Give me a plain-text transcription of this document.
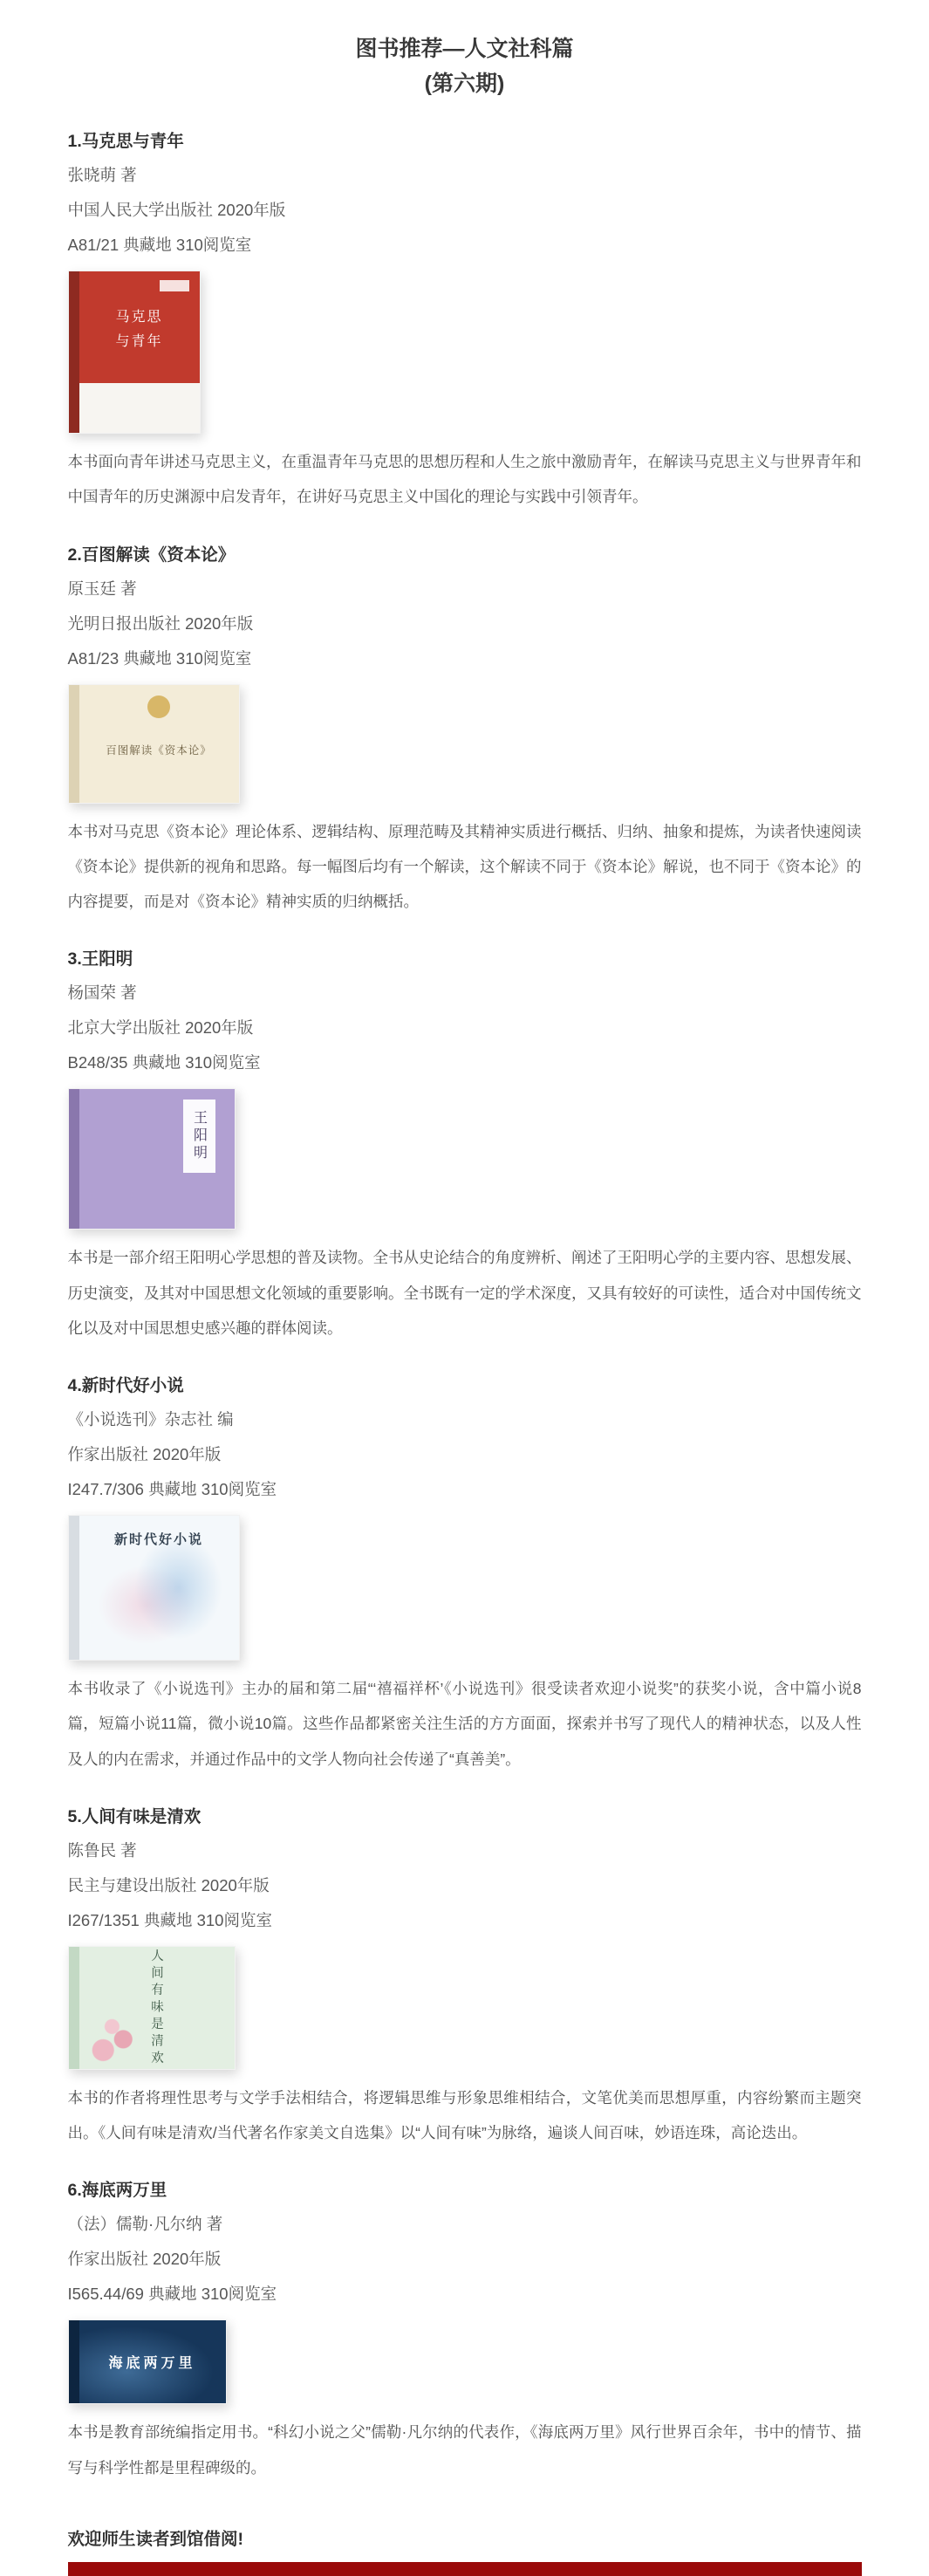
图书推荐—人文社科篇
(第六期)
1.马克思与青年

张晓萌 著

中国人民大学出版社 2020年版

A81/21 典藏地 310阅览室

马克思与青年

本书面向青年讲述马克思主义，在重温青年马克思的思想历程和人生之旅中激励青年，在解读马克思主义与世界青年和中国青年的历史渊源中启发青年，在讲好马克思主义中国化的理论与实践中引领青年。

2.百图解读《资本论》

原玉廷 著

光明日报出版社 2020年版

A81/23 典藏地 310阅览室

百图解读《资本论》

本书对马克思《资本论》理论体系、逻辑结构、原理范畴及其精神实质进行概括、归纳、抽象和提炼，为读者快速阅读《资本论》提供新的视角和思路。每一幅图后均有一个解读，这个解读不同于《资本论》解说，也不同于《资本论》的内容提要，而是对《资本论》精神实质的归纳概括。

3.王阳明

杨国荣 著

北京大学出版社 2020年版

B248/35 典藏地 310阅览室

王阳明

本书是一部介绍王阳明心学思想的普及读物。全书从史论结合的角度辨析、阐述了王阳明心学的主要内容、思想发展、历史演变，及其对中国思想文化领域的重要影响。全书既有一定的学术深度，又具有较好的可读性，适合对中国传统文化以及对中国思想史感兴趣的群体阅读。

4.新时代好小说

《小说选刊》杂志社 编

作家出版社 2020年版

I247.7/306 典藏地 310阅览室

新时代好小说

本书收录了《小说选刊》主办的届和第二届“‘禧福祥杯’《小说选刊》很受读者欢迎小说奖”的获奖小说，含中篇小说8篇，短篇小说11篇，微小说10篇。这些作品都紧密关注生活的方方面面，探索并书写了现代人的精神状态，以及人性及人的内在需求，并通过作品中的文学人物向社会传递了“真善美”。

5.人间有味是清欢

陈鲁民 著

民主与建设出版社 2020年版

I267/1351 典藏地 310阅览室

人间有味是清欢

本书的作者将理性思考与文学手法相结合，将逻辑思维与形象思维相结合，文笔优美而思想厚重，内容纷繁而主题突出。《人间有味是清欢/当代著名作家美文自选集》以“人间有味”为脉络，遍谈人间百味，妙语连珠，高论迭出。

6.海底两万里

（法）儒勒·凡尔纳 著

作家出版社 2020年版

I565.44/69 典藏地 310阅览室

海底两万里

本书是教育部统编指定用书。“科幻小说之父”儒勒·凡尔纳的代表作，《海底两万里》风行世界百余年，书中的情节、描写与科学性都是里程碑级的。

欢迎师生读者到馆借阅!
